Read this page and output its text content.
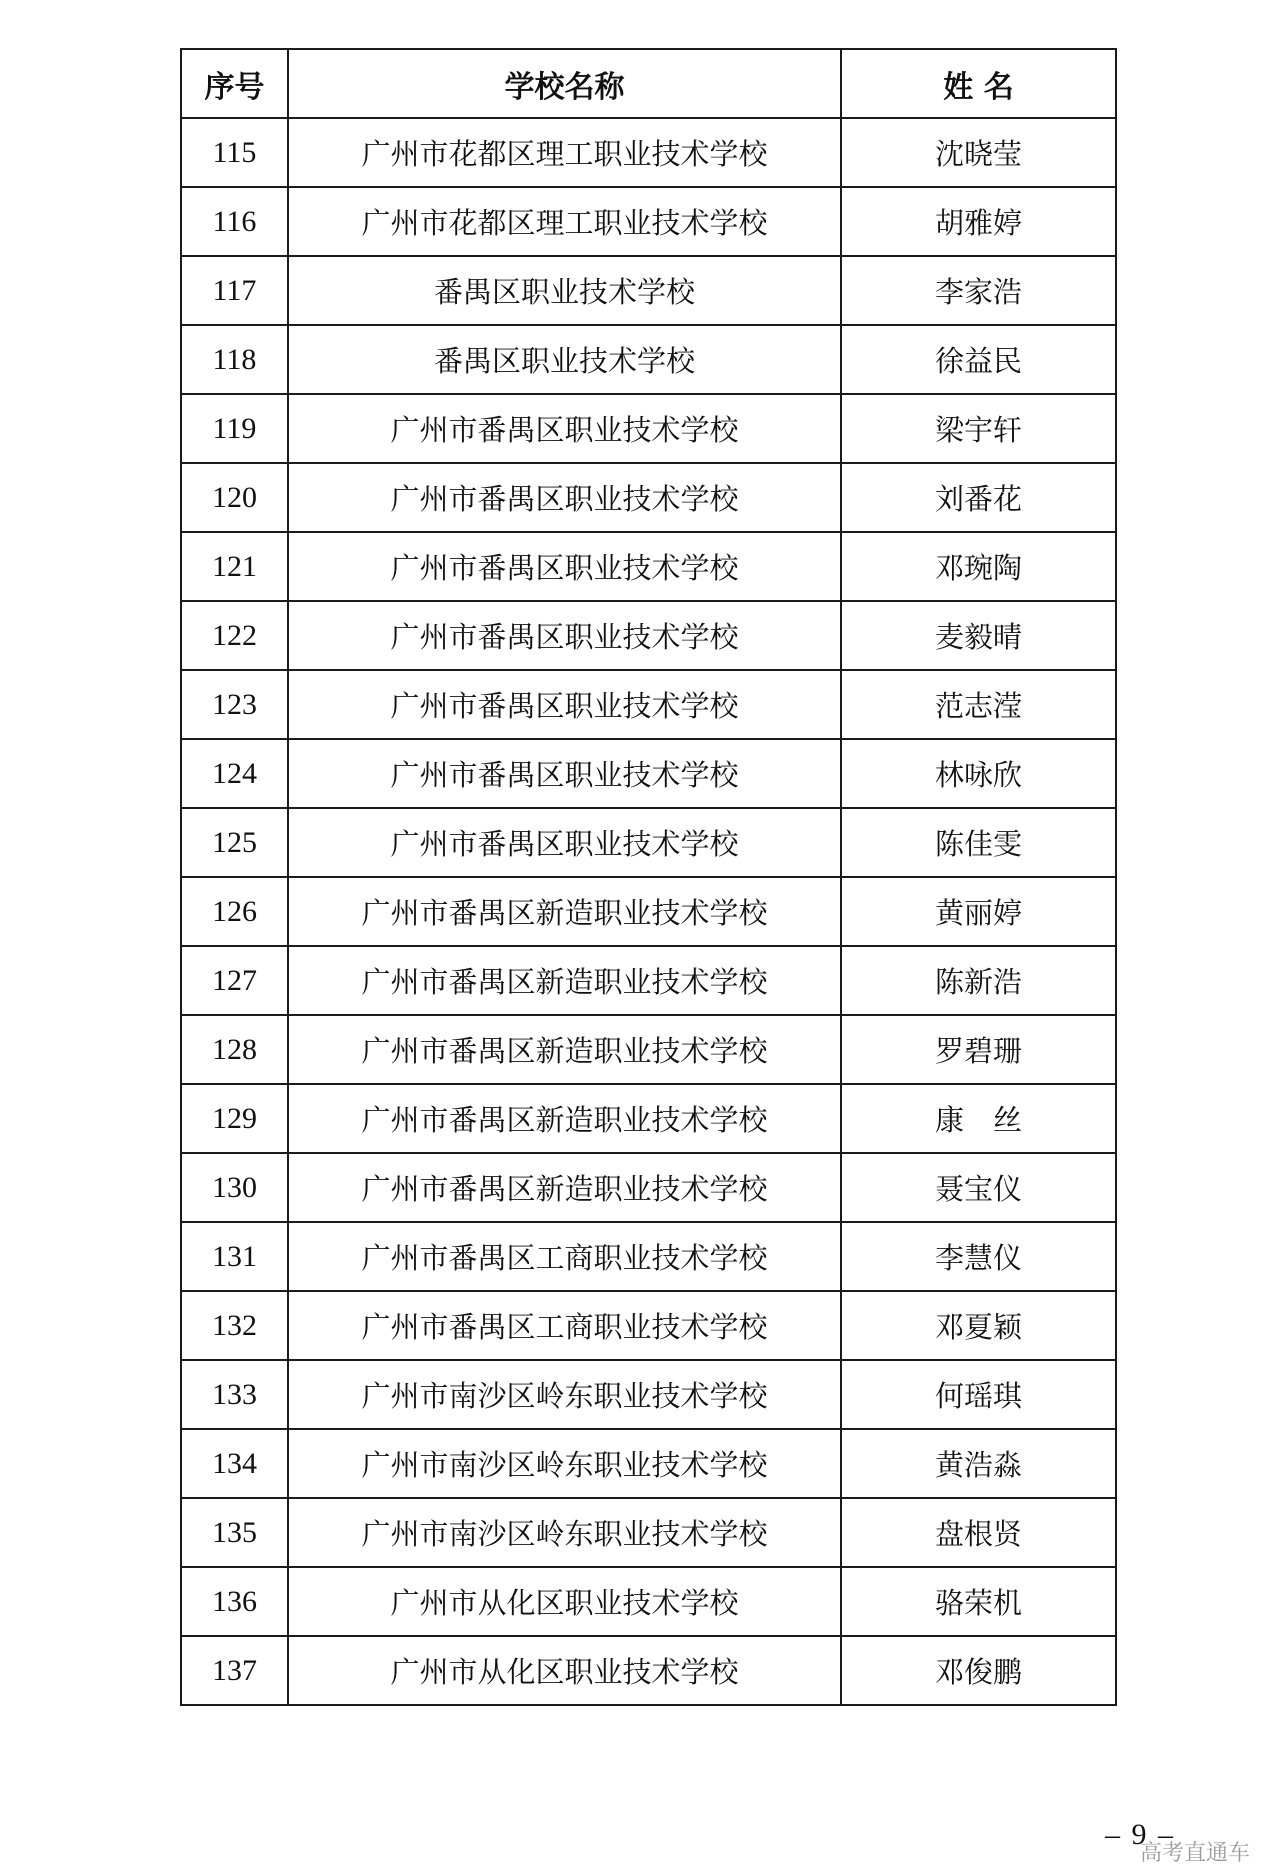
序号	学校名称	姓 名
115	广州市花都区理工职业技术学校	沈晓莹
116	广州市花都区理工职业技术学校	胡雅婷
117	番禺区职业技术学校	李家浩
118	番禺区职业技术学校	徐益民
119	广州市番禺区职业技术学校	梁宇轩
120	广州市番禺区职业技术学校	刘番花
121	广州市番禺区职业技术学校	邓琬陶
122	广州市番禺区职业技术学校	麦毅晴
123	广州市番禺区职业技术学校	范志滢
124	广州市番禺区职业技术学校	林咏欣
125	广州市番禺区职业技术学校	陈佳雯
126	广州市番禺区新造职业技术学校	黄丽婷
127	广州市番禺区新造职业技术学校	陈新浩
128	广州市番禺区新造职业技术学校	罗碧珊
129	广州市番禺区新造职业技术学校	康　丝
130	广州市番禺区新造职业技术学校	聂宝仪
131	广州市番禺区工商职业技术学校	李慧仪
132	广州市番禺区工商职业技术学校	邓夏颖
133	广州市南沙区岭东职业技术学校	何瑶琪
134	广州市南沙区岭东职业技术学校	黄浩淼
135	广州市南沙区岭东职业技术学校	盘根贤
136	广州市从化区职业技术学校	骆荣机
137	广州市从化区职业技术学校	邓俊鹏
– 9 –
高考直通车
